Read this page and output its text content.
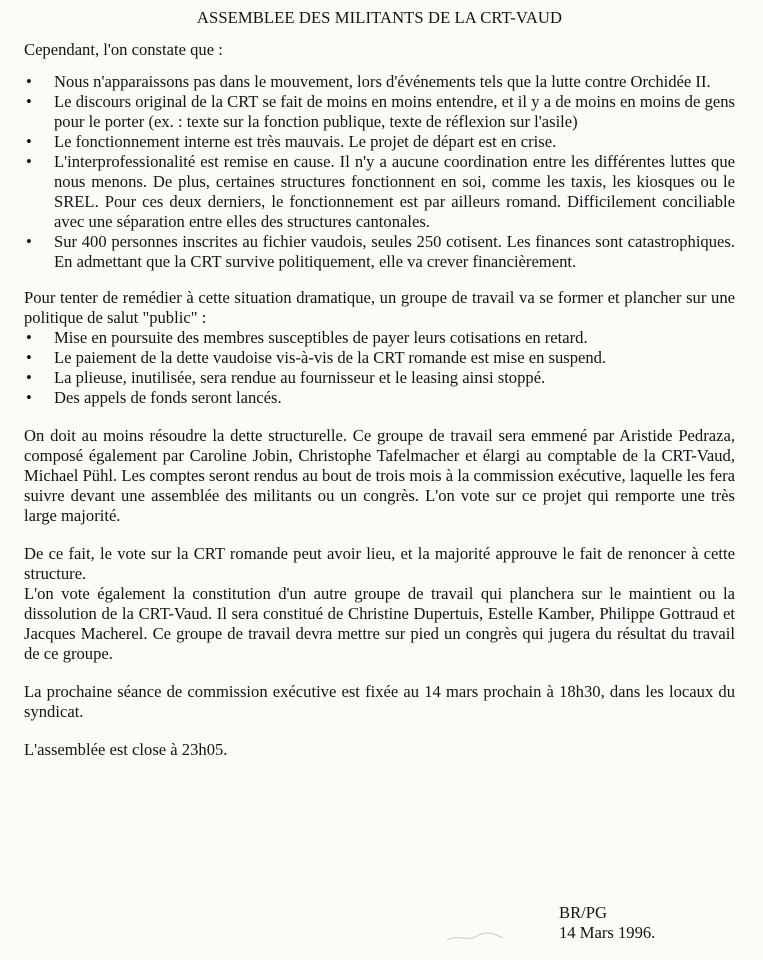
ASSEMBLEE DES MILITANTS DE LA CRT-VAUD

Cependant, l'on constate que :

• Nous n'apparaissons pas dans le mouvement, lors d'événements tels que la lutte contre Orchidée II.
• Le discours original de la CRT se fait de moins en moins entendre, et il y a de moins en moins de gens pour le porter (ex. : texte sur la fonction publique, texte de réflexion sur l'asile)
• Le fonctionnement interne est très mauvais. Le projet de départ est en crise.
• L'interprofessionalité est remise en cause. Il n'y a aucune coordination entre les différentes luttes que nous menons. De plus, certaines structures fonctionnent en soi, comme les taxis, les kiosques ou le SREL. Pour ces deux derniers, le fonctionnement est par ailleurs romand. Difficilement conciliable avec une séparation entre elles des structures cantonales.
• Sur 400 personnes inscrites au fichier vaudois, seules 250 cotisent. Les finances sont catastrophiques. En admettant que la CRT survive politiquement, elle va crever financièrement.

Pour tenter de remédier à cette situation dramatique, un groupe de travail va se former et plancher sur une politique de salut "public" :

• Mise en poursuite des membres susceptibles de payer leurs cotisations en retard.
• Le paiement de la dette vaudoise vis-à-vis de la CRT romande est mise en suspend.
• La plieuse, inutilisée, sera rendue au fournisseur et le leasing ainsi stoppé.
• Des appels de fonds seront lancés.

On doit au moins résoudre la dette structurelle. Ce groupe de travail sera emmené par Aristide Pedraza, composé également par Caroline Jobin, Christophe Tafelmacher et élargi au comptable de la CRT-Vaud, Michael Pühl. Les comptes seront rendus au bout de trois mois à la commission exécutive, laquelle les fera suivre devant une assemblée des militants ou un congrès. L'on vote sur ce projet qui remporte une très large majorité.

De ce fait, le vote sur la CRT romande peut avoir lieu, et la majorité approuve le fait de renoncer à cette structure.

L'on vote également la constitution d'un autre groupe de travail qui planchera sur le maintient ou la dissolution de la CRT-Vaud. Il sera constitué de Christine Dupertuis, Estelle Kamber, Philippe Gottraud et Jacques Macherel. Ce groupe de travail devra mettre sur pied un congrès qui jugera du résultat du travail de ce groupe.

La prochaine séance de commission exécutive est fixée au 14 mars prochain à 18h30, dans les locaux du syndicat.

L'assemblée est close à 23h05.

BR/PG
14 Mars 1996.
